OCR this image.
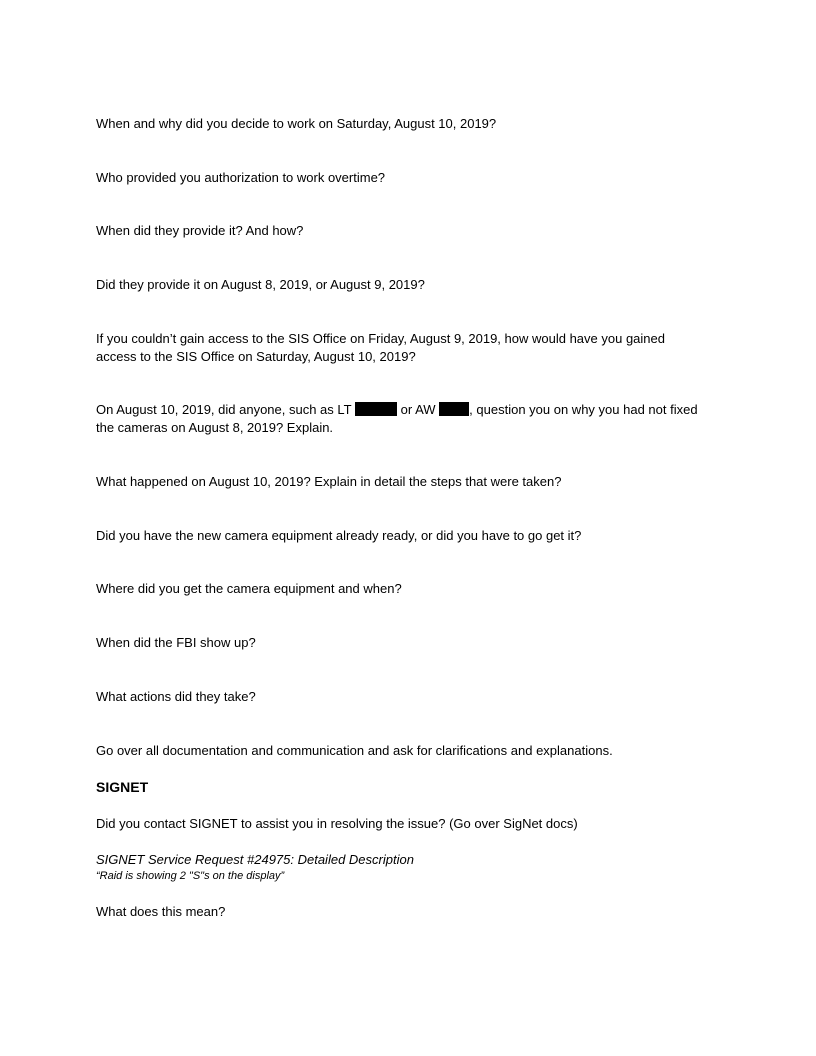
When and why did you decide to work on Saturday, August 10, 2019?

Who provided you authorization to work overtime?

When did they provide it? And how?

Did they provide it on August 8, 2019, or August 9, 2019?

If you couldn’t gain access to the SIS Office on Friday, August 9, 2019, how would have you gained

access to the SIS Office on Saturday, August 10, 2019?

On August 10, 2019, did anyone, such as LT	or AW	, question you on why you had not fixed

the cameras on August 8, 2019? Explain.

What happened on August 10, 2019? Explain in detail the steps that were taken?

Did you have the new camera equipment already ready, or did you have to go get it?

Where did you get the camera equipment and when?

When did the FBI show up?

What actions did they take?

Go over all documentation and communication and ask for clarifications and explanations.

SIGNET

Did you contact SIGNET to assist you in resolving the issue? (Go over SigNet docs)

SIGNET Service Request #24975: Detailed Description

“Raid is showing 2 "S"s on the display”

What does this mean?
